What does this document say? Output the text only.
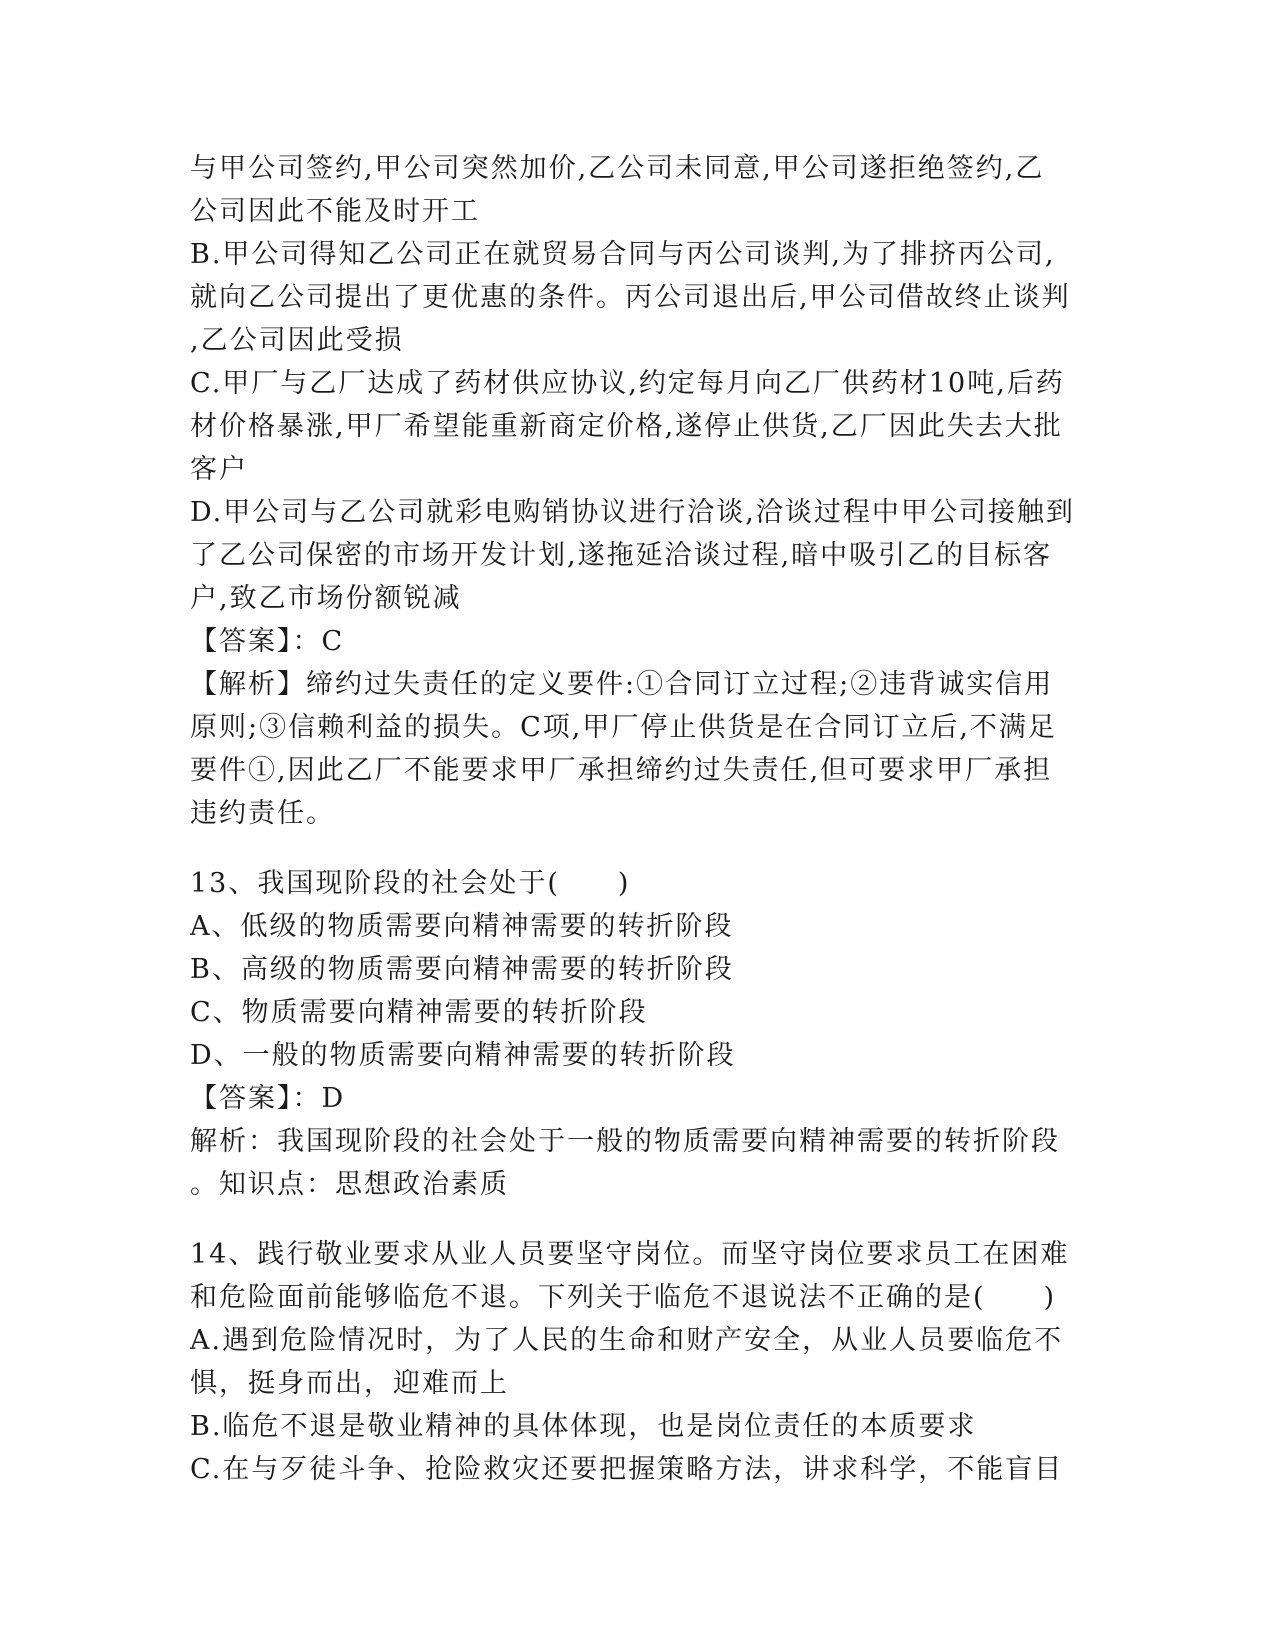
与甲公司签约,甲公司突然加价,乙公司未同意,甲公司遂拒绝签约,乙
公司因此不能及时开工
B.甲公司得知乙公司正在就贸易合同与丙公司谈判,为了排挤丙公司,
就向乙公司提出了更优惠的条件。丙公司退出后,甲公司借故终止谈判
,乙公司因此受损
C.甲厂与乙厂达成了药材供应协议,约定每月向乙厂供药材10吨,后药
材价格暴涨,甲厂希望能重新商定价格,遂停止供货,乙厂因此失去大批
客户
D.甲公司与乙公司就彩电购销协议进行洽谈,洽谈过程中甲公司接触到
了乙公司保密的市场开发计划,遂拖延洽谈过程,暗中吸引乙的目标客
户,致乙市场份额锐减
【答案】：C
【解析】缔约过失责任的定义要件:①合同订立过程;②违背诚实信用
原则;③信赖利益的损失。C项,甲厂停止供货是在合同订立后,不满足
要件①,因此乙厂不能要求甲厂承担缔约过失责任,但可要求甲厂承担
违约责任。
13、我国现阶段的社会处于(　　)
A、低级的物质需要向精神需要的转折阶段
B、高级的物质需要向精神需要的转折阶段
C、物质需要向精神需要的转折阶段
D、一般的物质需要向精神需要的转折阶段
【答案】：D
解析：我国现阶段的社会处于一般的物质需要向精神需要的转折阶段
。知识点：思想政治素质
14、践行敬业要求从业人员要坚守岗位。而坚守岗位要求员工在困难
和危险面前能够临危不退。下列关于临危不退说法不正确的是(　　)
A.遇到危险情况时，为了人民的生命和财产安全，从业人员要临危不
惧，挺身而出，迎难而上
B.临危不退是敬业精神的具体体现，也是岗位责任的本质要求
C.在与歹徒斗争、抢险救灾还要把握策略方法，讲求科学，不能盲目
